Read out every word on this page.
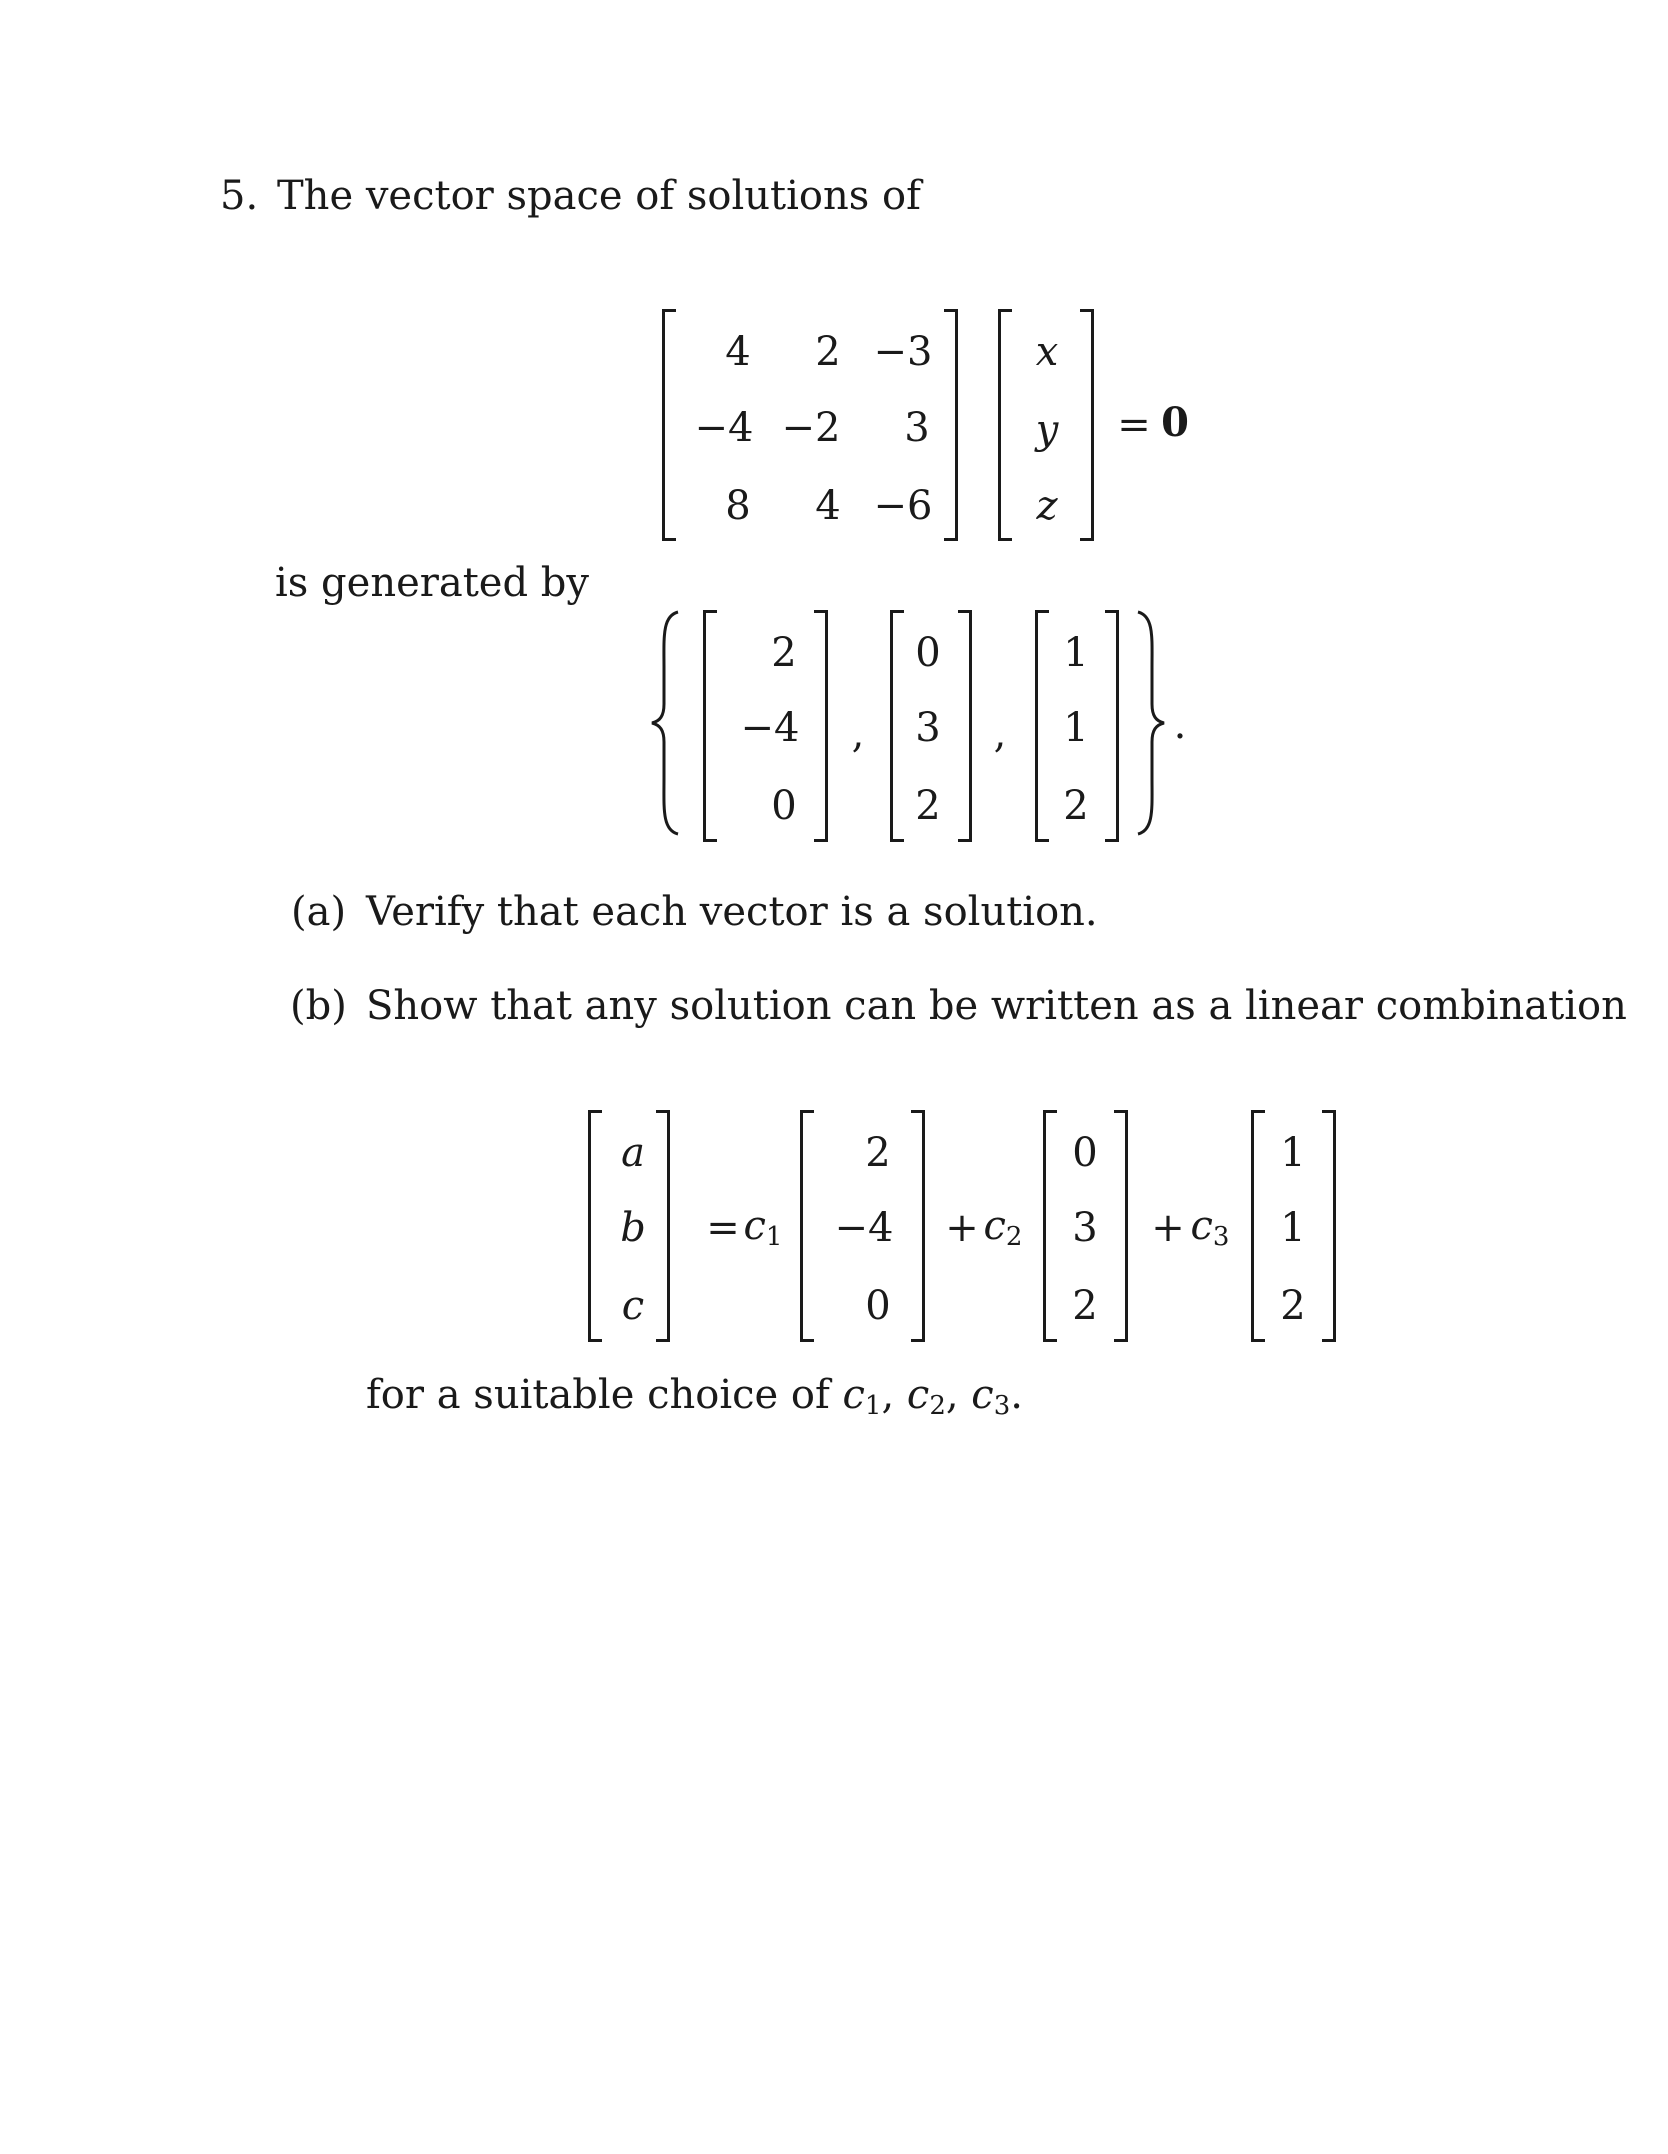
5. The vector space of solutions of
4 2 −3
−4 −2 3
8 4 −6
x
y
z
= 0
is generated by
2
−4
0
,
0
3
2
,
1
1
2
.
(a) Verify that each vector is a solution.
(b) Show that any solution can be written as a linear combination
a
b
c
= $c_1$
2
−4
0
+ $c_2$
0
3
2
+ $c_3$
1
1
2
for a suitable choice of $c_1$, $c_2$, $c_3$.
